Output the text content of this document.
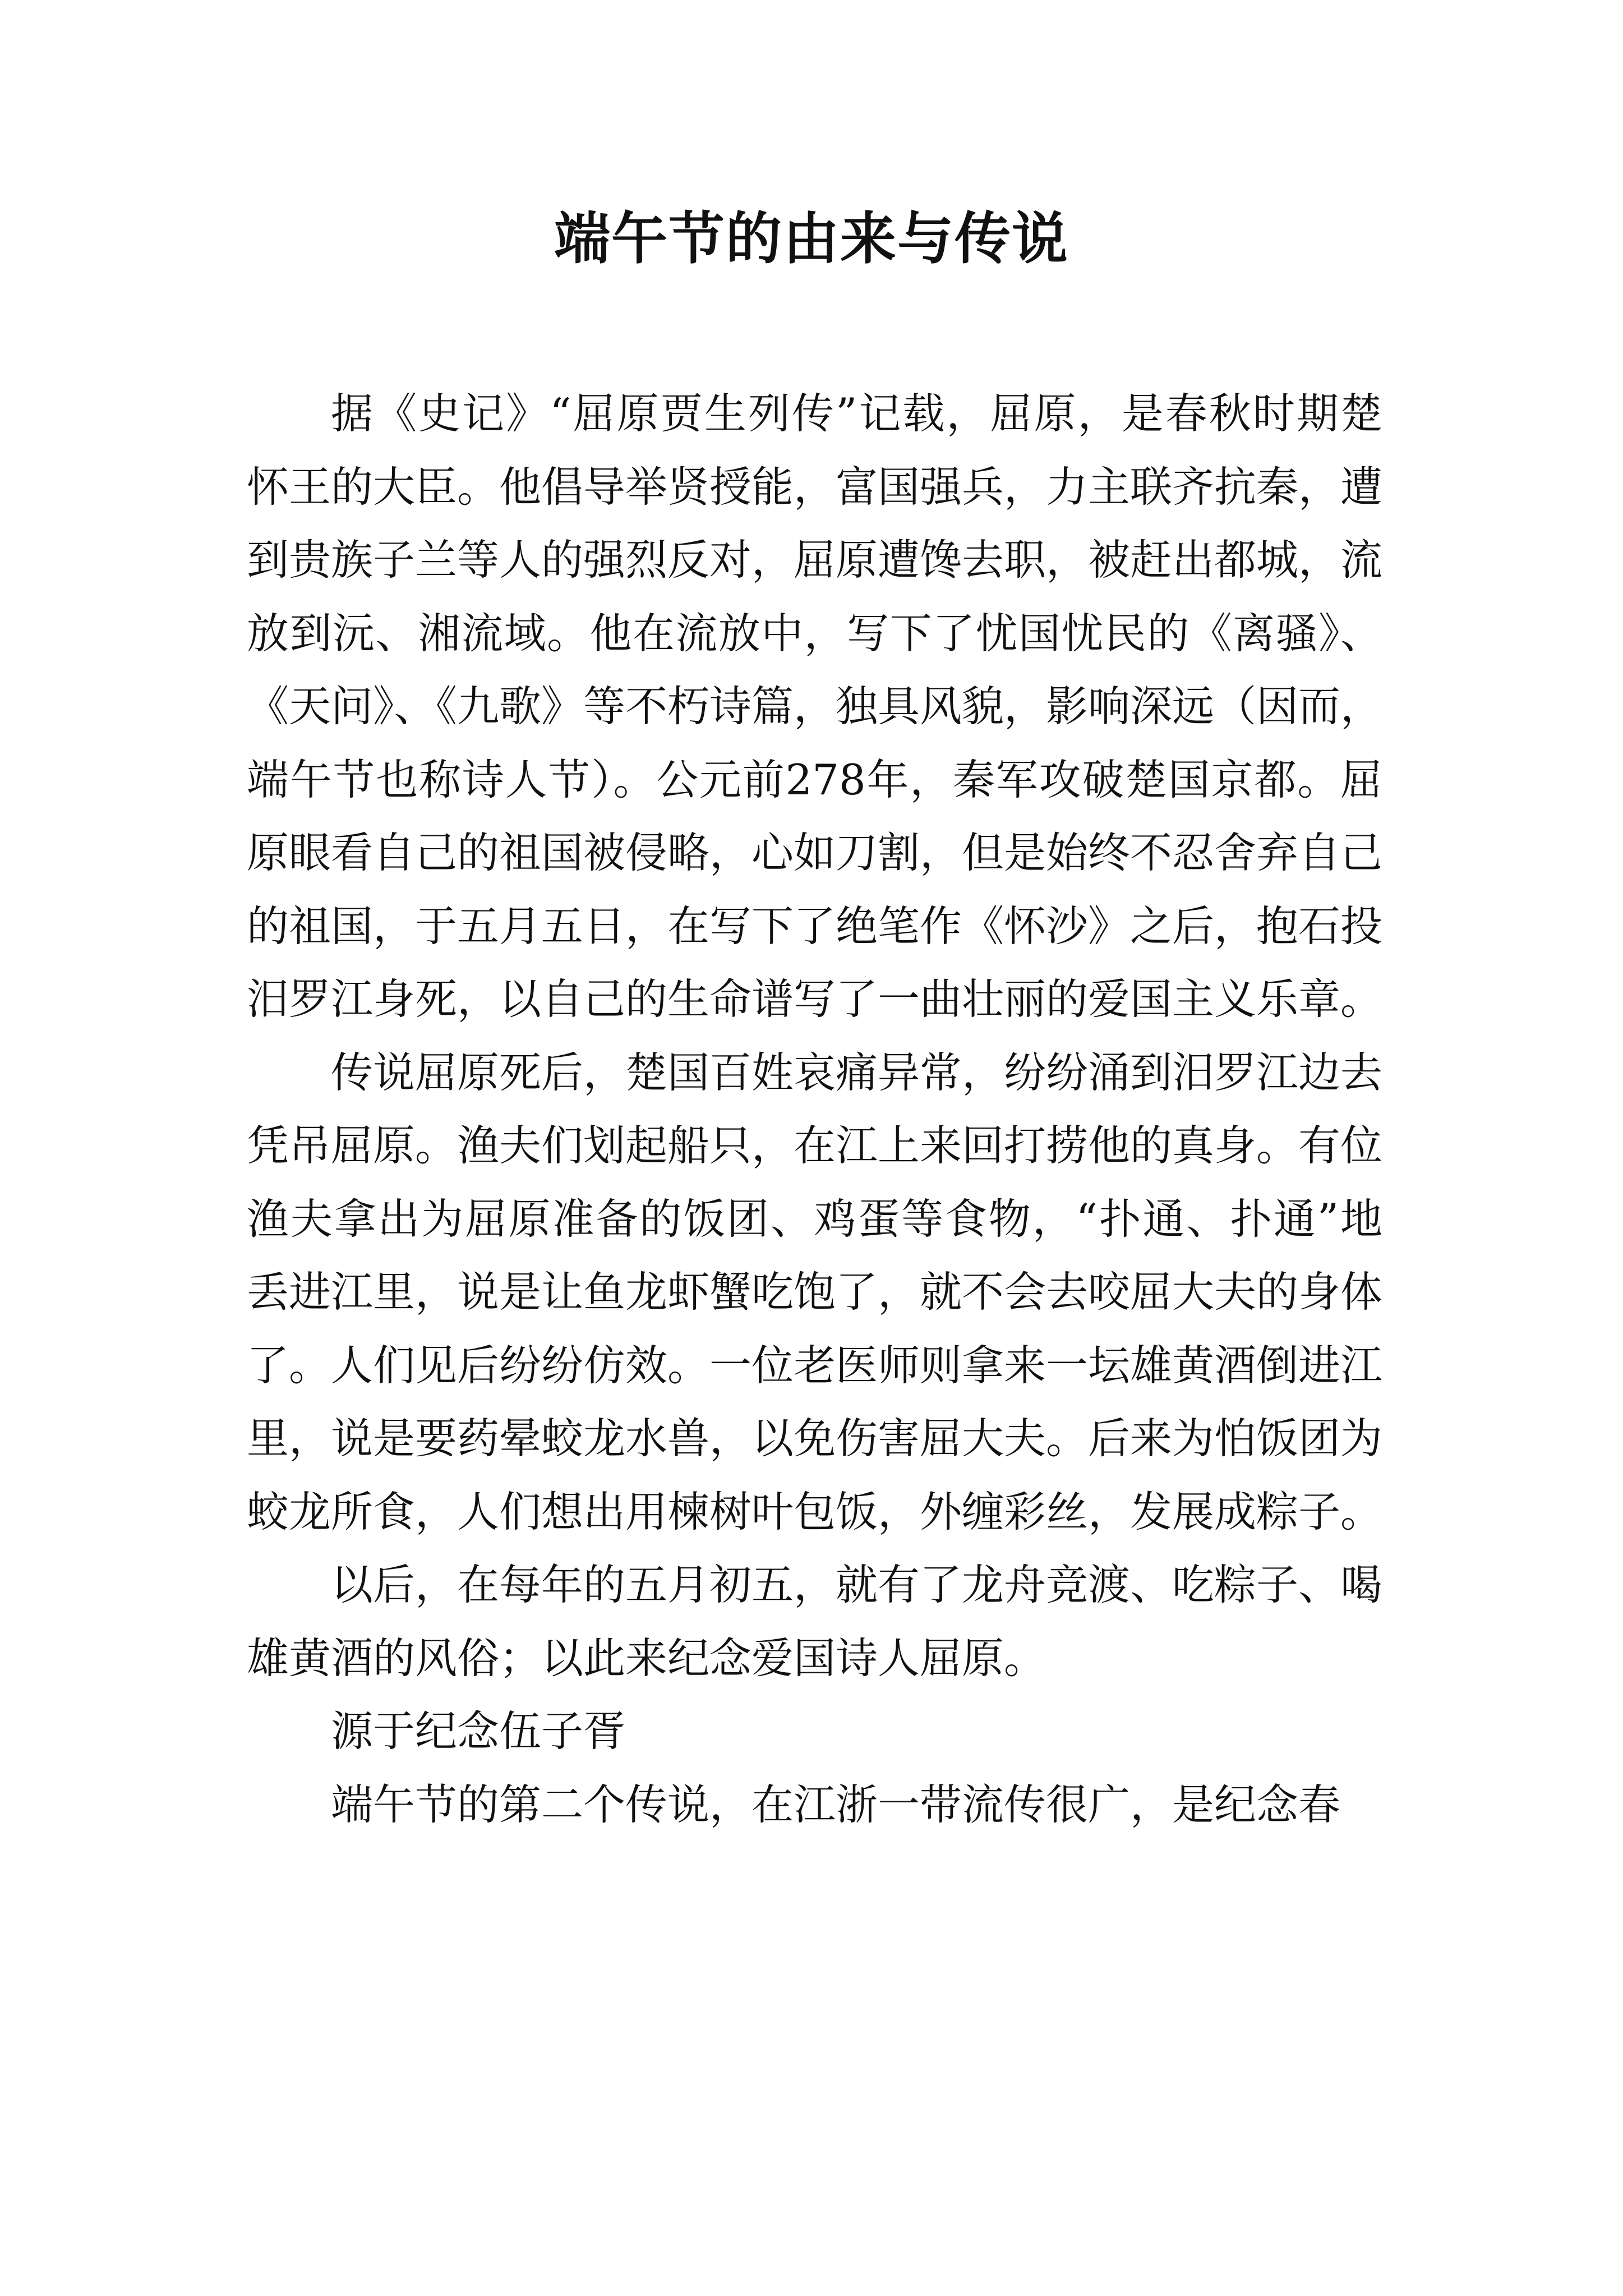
端午节的由来与传说

据《史记》“屈原贾生列传”记载，屈原，是春秋时期楚怀王的大臣。他倡导举贤授能，富国强兵，力主联齐抗秦，遭到贵族子兰等人的强烈反对，屈原遭馋去职，被赶出都城，流放到沅、湘流域。他在流放中，写下了忧国忧民的《离骚》、《天问》、《九歌》等不朽诗篇，独具风貌，影响深远（因而，端午节也称诗人节）。公元前278年，秦军攻破楚国京都。屈原眼看自己的祖国被侵略，心如刀割，但是始终不忍舍弃自己的祖国，于五月五日，在写下了绝笔作《怀沙》之后，抱石投汨罗江身死，以自己的生命谱写了一曲壮丽的爱国主义乐章。

传说屈原死后，楚国百姓哀痛异常，纷纷涌到汨罗江边去凭吊屈原。渔夫们划起船只，在江上来回打捞他的真身。有位渔夫拿出为屈原准备的饭团、鸡蛋等食物，“扑通、扑通”地丢进江里，说是让鱼龙虾蟹吃饱了，就不会去咬屈大夫的身体了。人们见后纷纷仿效。一位老医师则拿来一坛雄黄酒倒进江里，说是要药晕蛟龙水兽，以免伤害屈大夫。后来为怕饭团为蛟龙所食，人们想出用楝树叶包饭，外缠彩丝，发展成粽子。

以后，在每年的五月初五，就有了龙舟竞渡、吃粽子、喝雄黄酒的风俗；以此来纪念爱国诗人屈原。

源于纪念伍子胥

端午节的第二个传说，在江浙一带流传很广，是纪念春
